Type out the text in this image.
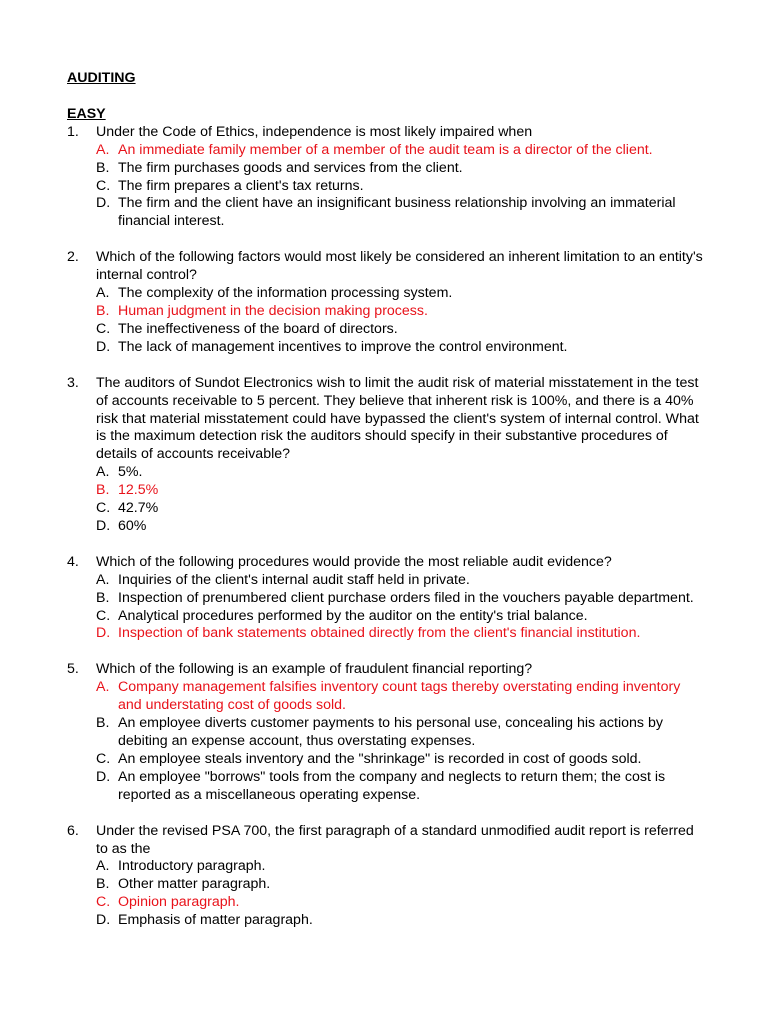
AUDITING
EASY
1. Under the Code of Ethics, independence is most likely impaired when
A. An immediate family member of a member of the audit team is a director of the client.
B. The firm purchases goods and services from the client.
C. The firm prepares a client's tax returns.
D. The firm and the client have an insignificant business relationship involving an immaterial financial interest.
2. Which of the following factors would most likely be considered an inherent limitation to an entity's internal control?
A. The complexity of the information processing system.
B. Human judgment in the decision making process.
C. The ineffectiveness of the board of directors.
D. The lack of management incentives to improve the control environment.
3. The auditors of Sundot Electronics wish to limit the audit risk of material misstatement in the test of accounts receivable to 5 percent. They believe that inherent risk is 100%, and there is a 40% risk that material misstatement could have bypassed the client's system of internal control. What is the maximum detection risk the auditors should specify in their substantive procedures of details of accounts receivable?
A. 5%.
B. 12.5%
C. 42.7%
D. 60%
4. Which of the following procedures would provide the most reliable audit evidence?
A. Inquiries of the client's internal audit staff held in private.
B. Inspection of prenumbered client purchase orders filed in the vouchers payable department.
C. Analytical procedures performed by the auditor on the entity's trial balance.
D. Inspection of bank statements obtained directly from the client's financial institution.
5. Which of the following is an example of fraudulent financial reporting?
A. Company management falsifies inventory count tags thereby overstating ending inventory and understating cost of goods sold.
B. An employee diverts customer payments to his personal use, concealing his actions by debiting an expense account, thus overstating expenses.
C. An employee steals inventory and the "shrinkage" is recorded in cost of goods sold.
D. An employee "borrows" tools from the company and neglects to return them; the cost is reported as a miscellaneous operating expense.
6. Under the revised PSA 700, the first paragraph of a standard unmodified audit report is referred to as the
A. Introductory paragraph.
B. Other matter paragraph.
C. Opinion paragraph.
D. Emphasis of matter paragraph.
